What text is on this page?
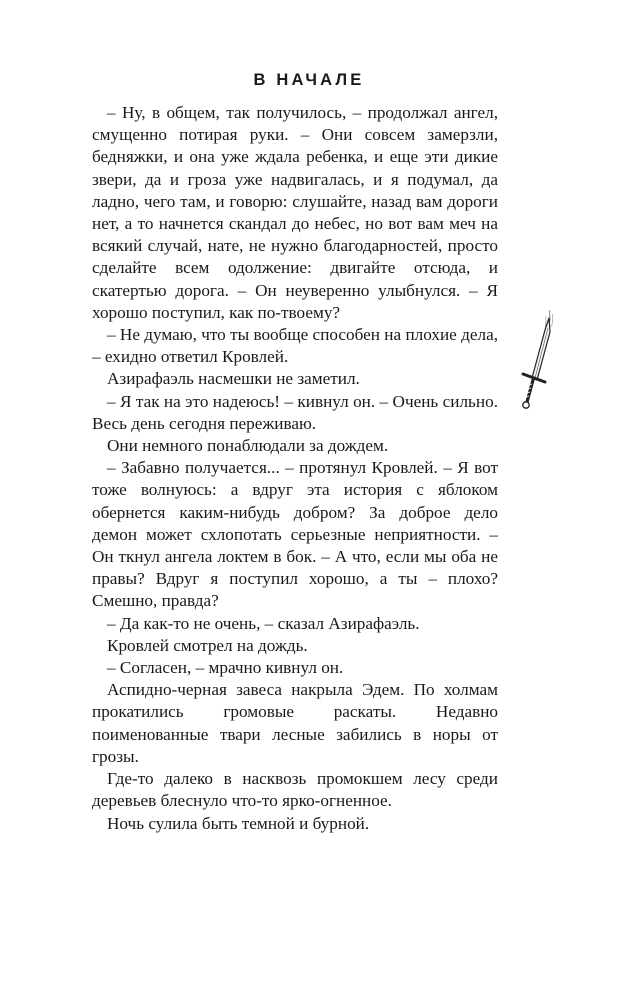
В НАЧАЛЕ

– Ну, в общем, так получилось, – продолжал ангел, смущенно потирая руки. – Они совсем замерзли, бедняжки, и она уже ждала ребенка, и еще эти дикие звери, да и гроза уже надвигалась, и я подумал, да ладно, чего там, и говорю: слушайте, назад вам дороги нет, а то начнется скандал до небес, но вот вам меч на всякий случай, нате, не нужно благодарностей, просто сделайте всем одолжение: двигайте отсюда, и скатертью дорога. – Он неуверенно улыбнулся. – Я хорошо поступил, как по-твоему?

– Не думаю, что ты вообще способен на плохие дела, – ехидно ответил Кровлей.

Азирафаэль насмешки не заметил.

– Я так на это надеюсь! – кивнул он. – Очень сильно. Весь день сегодня переживаю.

Они немного понаблюдали за дождем.

– Забавно получается... – протянул Кровлей. – Я вот тоже волнуюсь: а вдруг эта история с яблоком обернется каким-нибудь добром? За доброе дело демон может схлопотать серьезные неприятности. – Он ткнул ангела локтем в бок. – А что, если мы оба не правы? Вдруг я поступил хорошо, а ты – плохо? Смешно, правда?

– Да как-то не очень, – сказал Азирафаэль.

Кровлей смотрел на дождь.

– Согласен, – мрачно кивнул он.

Аспидно-черная завеса накрыла Эдем. По холмам прокатились громовые раскаты. Недавно поименованные твари лесные забились в норы от грозы.

Где-то далеко в насквозь промокшем лесу среди деревьев блеснуло что-то ярко-огненное.

Ночь сулила быть темной и бурной.
